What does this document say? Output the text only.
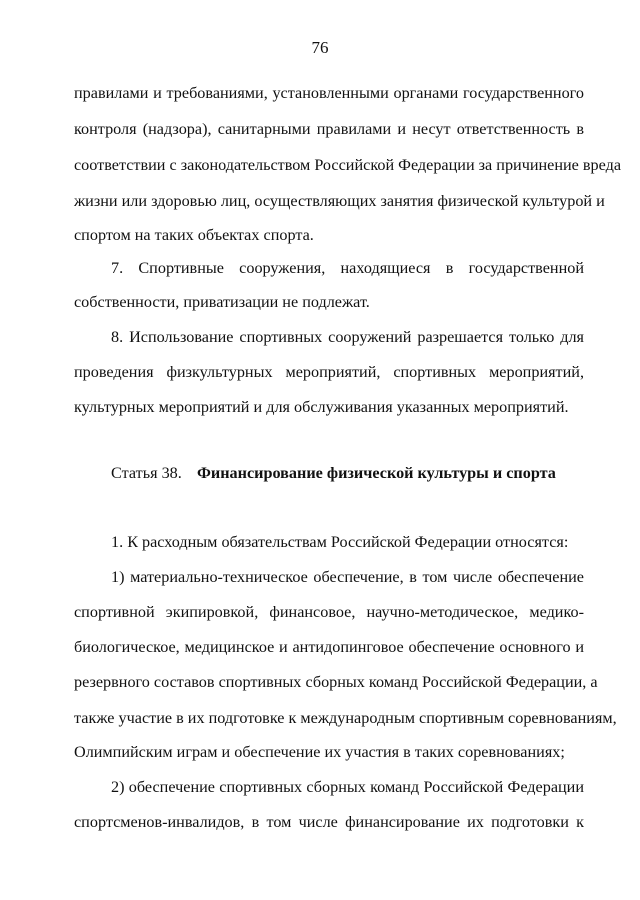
76
правилами и требованиями, установленными органами государственного
контроля (надзора), санитарными правилами и несут ответственность в
соответствии с законодательством Российской Федерации за причинение вреда
жизни или здоровью лиц, осуществляющих занятия физической культурой и
спортом на таких объектах спорта.
7. Спортивные сооружения, находящиеся в государственной
собственности, приватизации не подлежат.
8. Использование спортивных сооружений разрешается только для
проведения физкультурных мероприятий, спортивных мероприятий,
культурных мероприятий и для обслуживания указанных мероприятий.
Статья 38. Финансирование физической культуры и спорта
1. К расходным обязательствам Российской Федерации относятся:
1) материально-техническое обеспечение, в том числе обеспечение
спортивной экипировкой, финансовое, научно-методическое, медико-
биологическое, медицинское и антидопинговое обеспечение основного и
резервного составов спортивных сборных команд Российской Федерации, а
также участие в их подготовке к международным спортивным соревнованиям,
Олимпийским играм и обеспечение их участия в таких соревнованиях;
2) обеспечение спортивных сборных команд Российской Федерации
спортсменов-инвалидов, в том числе финансирование их подготовки к
